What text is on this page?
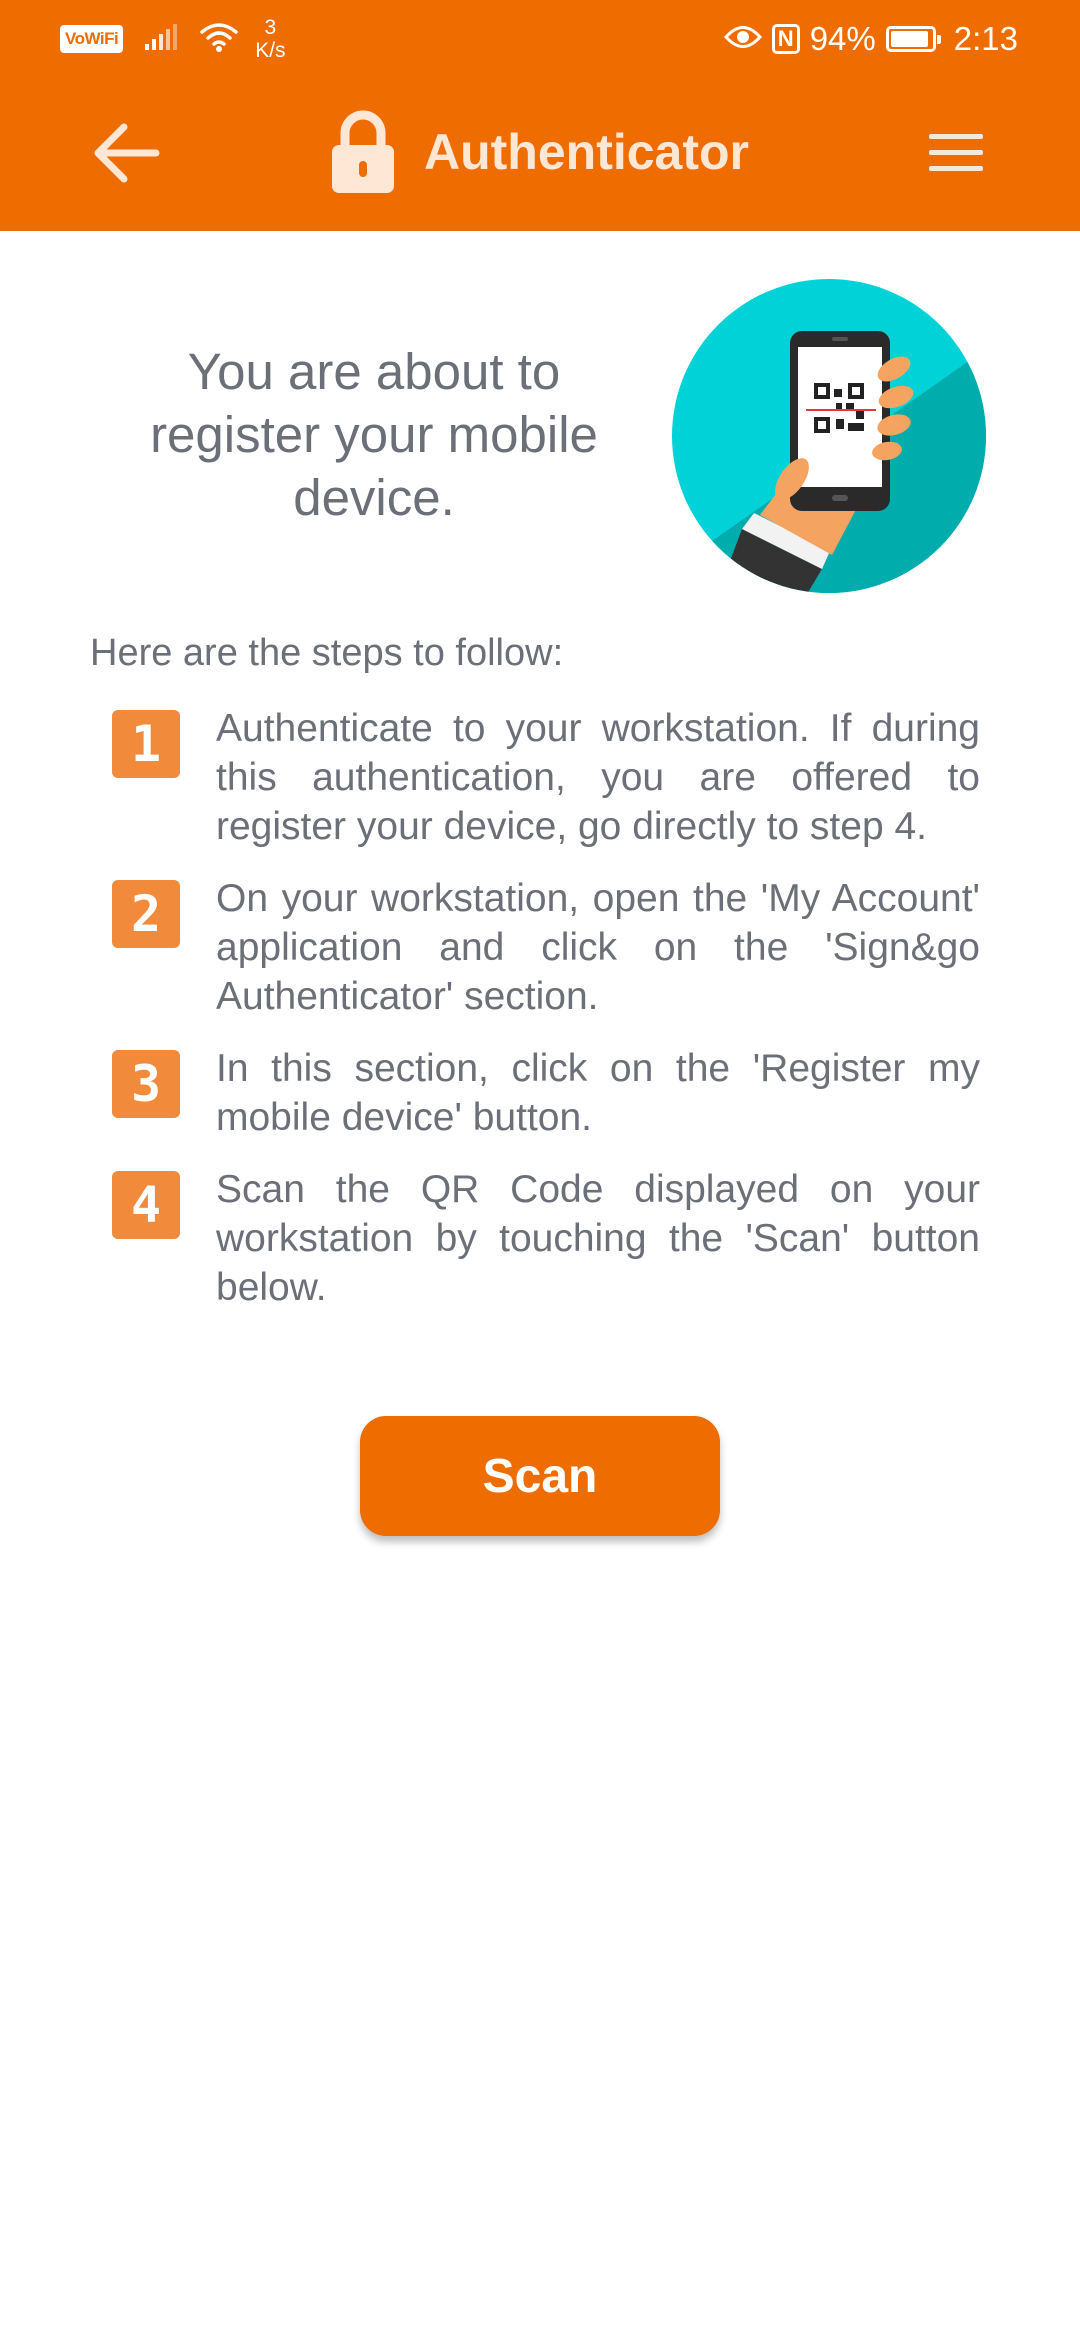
VoWiFi	3
K/s	N 94% 2:13
Authenticator
You are about to register your mobile device.
Here are the steps to follow:
1	Authenticate to your workstation. If during this authentication, you are offered to register your device, go directly to step 4.
2	On your workstation, open the 'My Account' application and click on the 'Sign&go Authenticator' section.
3	In this section, click on the 'Register my mobile device' button.
4	Scan the QR Code displayed on your workstation by touching the 'Scan' button below.
Scan
